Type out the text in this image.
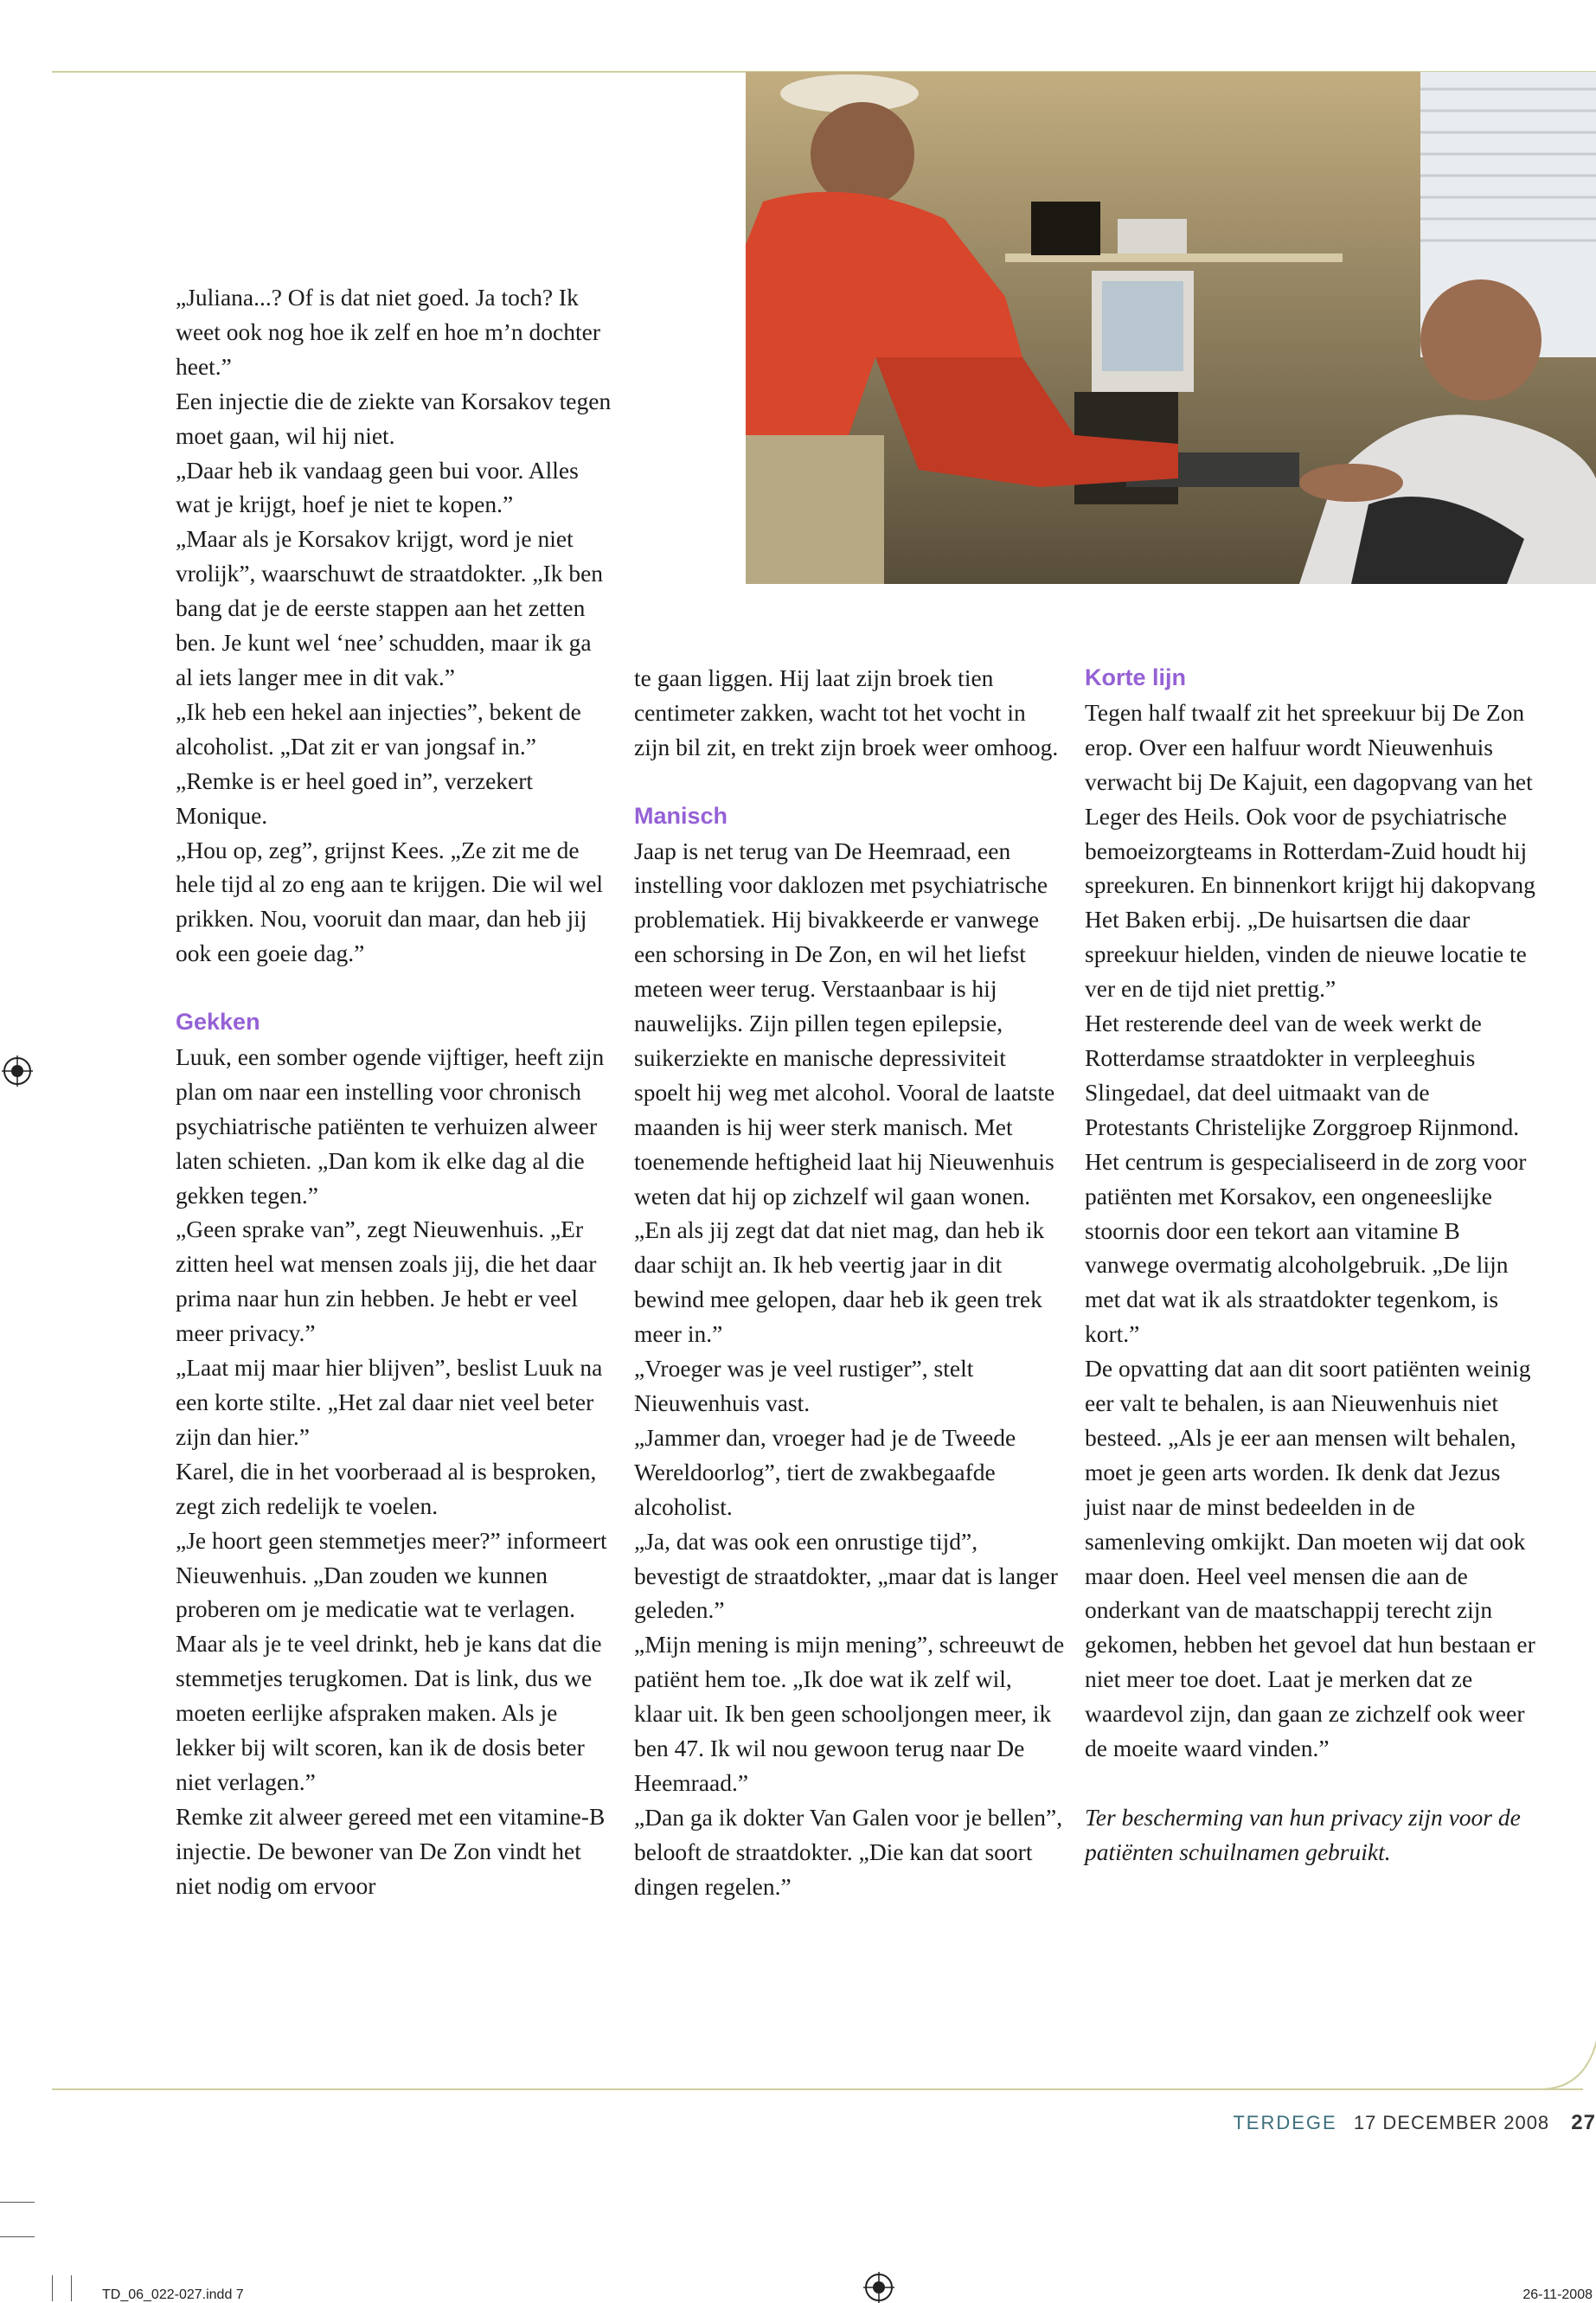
„Juliana...? Of is dat niet goed. Ja toch? Ik weet ook nog hoe ik zelf en hoe m’n dochter heet.”
Een injectie die de ziekte van Korsakov tegen moet gaan, wil hij niet.
„Daar heb ik vandaag geen bui voor. Alles wat je krijgt, hoef je niet te kopen.”
„Maar als je Korsakov krijgt, word je niet vrolijk”, waarschuwt de straatdokter. „Ik ben bang dat je de eerste stappen aan het zetten ben. Je kunt wel ‘nee’ schudden, maar ik ga al iets langer mee in dit vak.”
„Ik heb een hekel aan injecties”, bekent de alcoholist. „Dat zit er van jongsaf in.”
„Remke is er heel goed in”, verzekert Monique.
„Hou op, zeg”, grijnst Kees. „Ze zit me de hele tijd al zo eng aan te krijgen. Die wil wel prikken. Nou, vooruit dan maar, dan heb jij ook een goeie dag.”

Gekken

Luuk, een somber ogende vijftiger, heeft zijn plan om naar een instelling voor chronisch psychiatrische patiënten te verhuizen alweer laten schieten. „Dan kom ik elke dag al die gekken tegen.”
„Geen sprake van”, zegt Nieuwenhuis. „Er zitten heel wat mensen zoals jij, die het daar prima naar hun zin hebben. Je hebt er veel meer privacy.”
„Laat mij maar hier blijven”, beslist Luuk na een korte stilte. „Het zal daar niet veel beter zijn dan hier.”
Karel, die in het voorberaad al is besproken, zegt zich redelijk te voelen.
„Je hoort geen stemmetjes meer?” informeert Nieuwenhuis. „Dan zouden we kunnen proberen om je medicatie wat te verlagen. Maar als je te veel drinkt, heb je kans dat die stemmetjes terugkomen. Dat is link, dus we moeten eerlijke afspraken maken. Als je lekker bij wilt scoren, kan ik de dosis beter niet verlagen.”
Remke zit alweer gereed met een vitamine-B injectie. De bewoner van De Zon vindt het niet nodig om ervoor

te gaan liggen. Hij laat zijn broek tien centimeter zakken, wacht tot het vocht in zijn bil zit, en trekt zijn broek weer omhoog.

Manisch

Jaap is net terug van De Heemraad, een instelling voor daklozen met psychiatrische problematiek. Hij bivakkeerde er vanwege een schorsing in De Zon, en wil het liefst meteen weer terug. Verstaanbaar is hij nauwelijks. Zijn pillen tegen epilepsie, suikerziekte en manische depressiviteit spoelt hij weg met alcohol. Vooral de laatste maanden is hij weer sterk manisch. Met toenemende heftigheid laat hij Nieuwenhuis weten dat hij op zichzelf wil gaan wonen.
„En als jij zegt dat dat niet mag, dan heb ik daar schijt an. Ik heb veertig jaar in dit bewind mee gelopen, daar heb ik geen trek meer in.”
„Vroeger was je veel rustiger”, stelt Nieuwenhuis vast.
„Jammer dan, vroeger had je de Tweede Wereldoorlog”, tiert de zwakbegaafde alcoholist.
„Ja, dat was ook een onrustige tijd”, bevestigt de straatdokter, „maar dat is langer geleden.”
„Mijn mening is mijn mening”, schreeuwt de patiënt hem toe. „Ik doe wat ik zelf wil, klaar uit. Ik ben geen schooljongen meer, ik ben 47. Ik wil nou gewoon terug naar De Heemraad.”
„Dan ga ik dokter Van Galen voor je bellen”, belooft de straatdokter. „Die kan dat soort dingen regelen.”

Korte lijn

Tegen half twaalf zit het spreekuur bij De Zon erop. Over een halfuur wordt Nieuwenhuis verwacht bij De Kajuit, een dagopvang van het Leger des Heils. Ook voor de psychiatrische bemoeizorgteams in Rotterdam-Zuid houdt hij spreekuren. En binnenkort krijgt hij dakopvang Het Baken erbij. „De huisartsen die daar spreekuur hielden, vinden de nieuwe locatie te ver en de tijd niet prettig.”
Het resterende deel van de week werkt de Rotterdamse straatdokter in verpleeghuis Slingedael, dat deel uitmaakt van de Protestants Christelijke Zorggroep Rijnmond. Het centrum is gespecialiseerd in de zorg voor patiënten met Korsakov, een ongeneeslijke stoornis door een tekort aan vitamine B vanwege overmatig alcoholgebruik. „De lijn met dat wat ik als straatdokter tegenkom, is kort.”
De opvatting dat aan dit soort patiënten weinig eer valt te behalen, is aan Nieuwenhuis niet besteed. „Als je eer aan mensen wilt behalen, moet je geen arts worden. Ik denk dat Jezus juist naar de minst bedeelden in de samenleving omkijkt. Dan moeten wij dat ook maar doen. Heel veel mensen die aan de onderkant van de maatschappij terecht zijn gekomen, hebben het gevoel dat hun bestaan er niet meer toe doet. Laat je merken dat ze waardevol zijn, dan gaan ze zichzelf ook weer de moeite waard vinden.”

Ter bescherming van hun privacy zijn voor de patiënten schuilnamen gebruikt.

TERDEGE 17 DECEMBER 2008 27
TD_06_022-027.indd 7	26-11-2008
